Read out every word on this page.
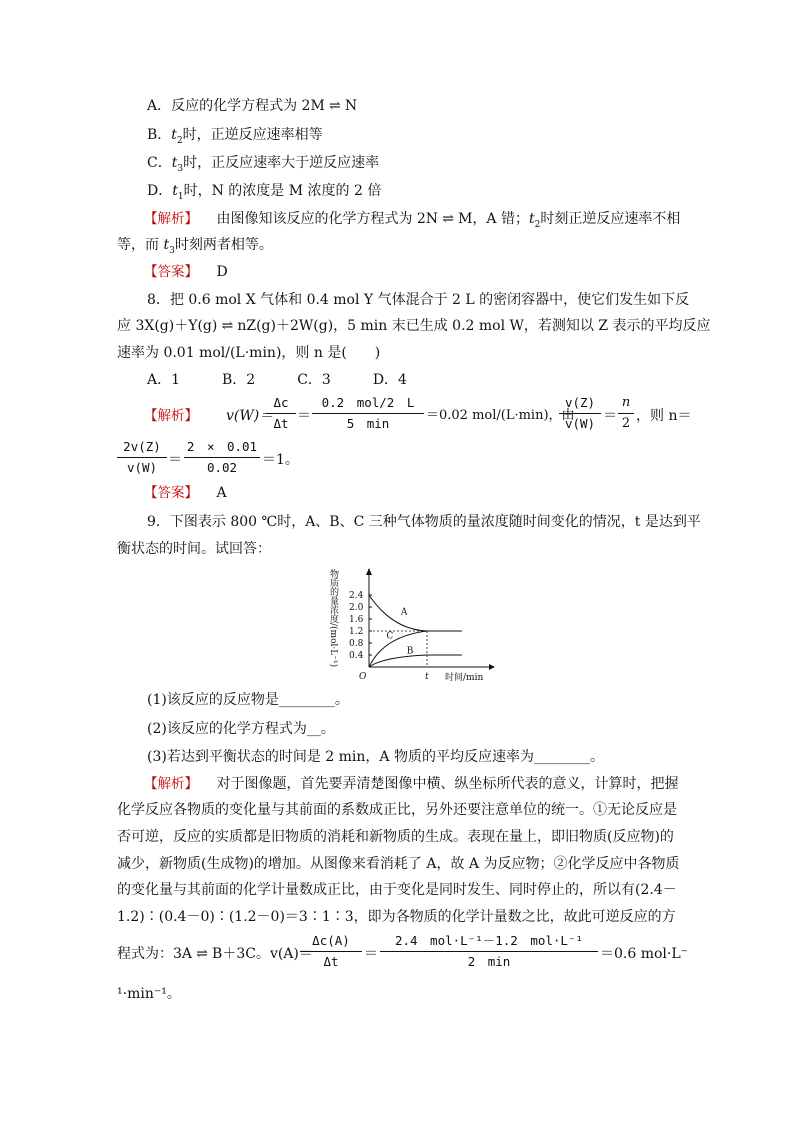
A．反应的化学方程式为 2M ⇌ N
B．$t_2$时，正逆反应速率相等
C．$t_3$时，正反应速率大于逆反应速率
D．$t_1$时，N 的浓度是 M 浓度的 2 倍
【解析】 由图像知该反应的化学方程式为 2N ⇌ M，A 错；$t_2$时刻正逆反应速率不相
等，而 $t_3$时刻两者相等。
【答案】 D
8．把 0.6 mol X 气体和 0.4 mol Y 气体混合于 2 L 的密闭容器中，使它们发生如下反
应 3X(g)＋Y(g) ⇌ nZ(g)＋2W(g)，5 min 末已生成 0.2 mol W，若测知以 Z 表示的平均反应
速率为 0.01 mol/(L·min)，则 n 是(　　)
A．1　　　B．2　　　C．3　　　D．4
【解析】 v(W)＝
Δc
Δt ＝
0.2　mol/2　L
5　min
＝0.02 mol/(L·min)，由
v(Z)
v(W) ＝
n
2 ，则 n＝
2v(Z)
v(W) ＝
2　×　0.01
0.02	＝1。
【答案】 A
9．下图表示 800 ℃时，A、B、C 三种气体物质的量浓度随时间变化的情况，t 是达到平
衡状态的时间。试回答：
2.4
2.0
1.6
1.2
0.8
0.4
物质的量浓度/(mol·L⁻¹)
O	t 时间/min
A
C
B
(1)该反应的反应物是________。
(2)该反应的化学方程式为__。
(3)若达到平衡状态的时间是 2 min，A 物质的平均反应速率为________。
【解析】 对于图像题，首先要弄清楚图像中横、纵坐标所代表的意义，计算时，把握
化学反应各物质的变化量与其前面的系数成正比，另外还要注意单位的统一。①无论反应是
否可逆，反应的实质都是旧物质的消耗和新物质的生成。表现在量上，即旧物质(反应物)的
减少，新物质(生成物)的增加。从图像来看消耗了 A，故 A 为反应物；②化学反应中各物质
的变化量与其前面的化学计量数成正比，由于变化是同时发生、同时停止的，所以有(2.4－
1.2)∶(0.4－0)∶(1.2－0)＝3∶1∶3，即为各物质的化学计量数之比，故此可逆反应的方
程式为：3A ⇌ B＋3C。v(A)＝
Δc(A)
Δt	＝
2.4　mol·L⁻¹－1.2　mol·L⁻¹
2　min	＝0.6 mol·L⁻
¹·min⁻¹。
